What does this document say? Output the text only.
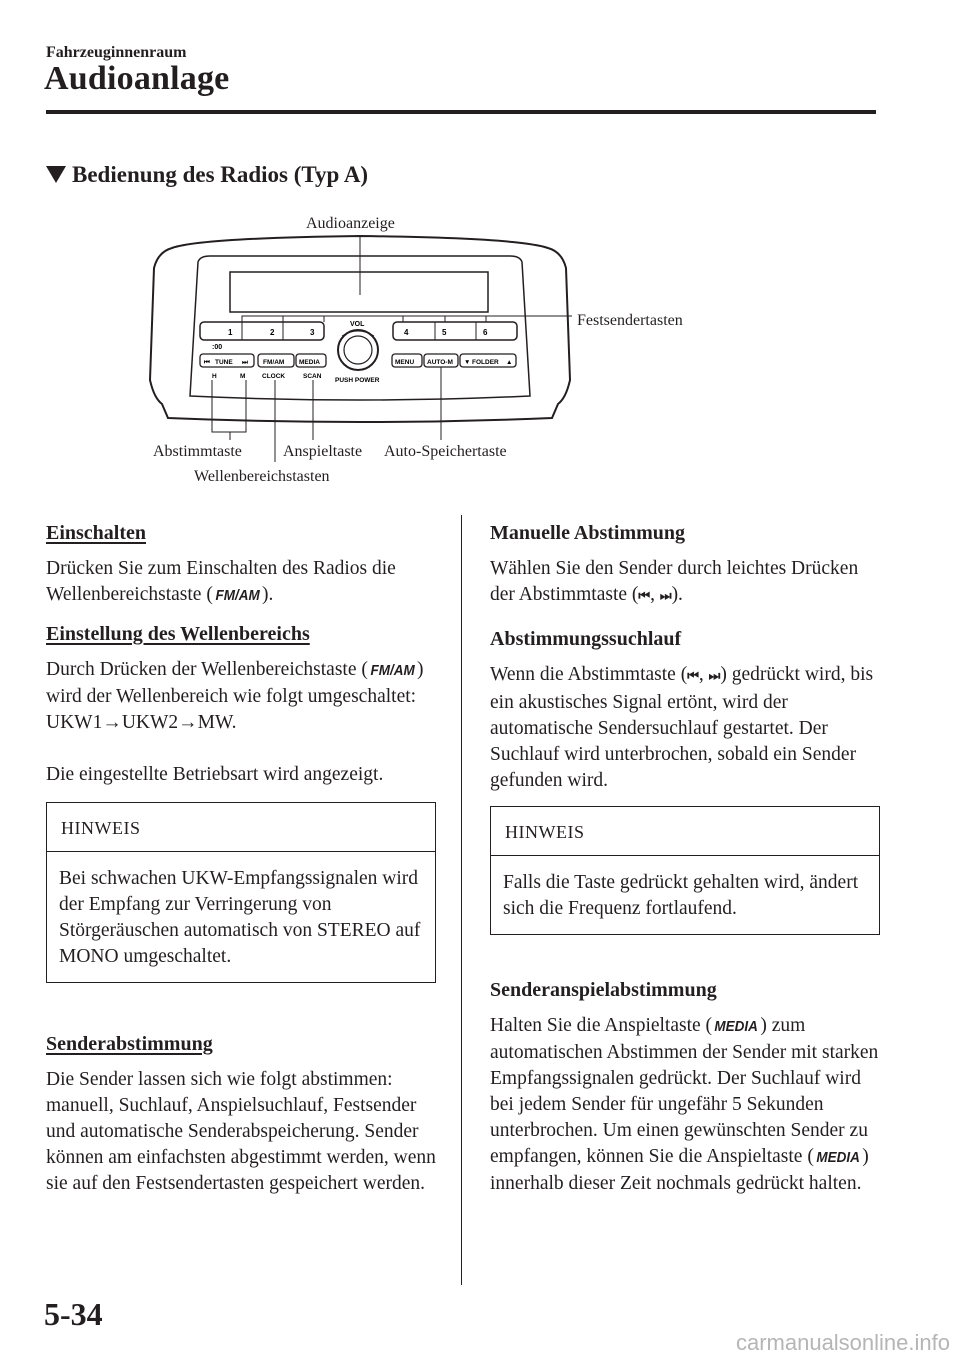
Fahrzeuginnenraum
Audioanlage
Bedienung des Radios (Typ A)
1	2	3	4	5	6
:00
VOL
PUSH POWER
TUNE
⏮	⏭ FM/AM MEDIA
H	M	CLOCK	SCAN
MENU AUTO-M	FOLDER
▼	▲
Audioanzeige
Festsendertasten
Abstimmtaste	Anspieltaste Auto-Speichertaste
Wellenbereichstasten
Einschalten

Drücken Sie zum Einschalten des Radios die Wellenbereichstaste ( FM/AM ).

Einstellung des Wellenbereichs

Durch Drücken der Wellenbereichstaste ( FM/AM ) wird der Wellenbereich wie folgt umgeschaltet: UKW1→UKW2→MW.

Die eingestellte Betriebsart wird angezeigt.

HINWEIS
Bei schwachen UKW-Empfangssignalen wird der Empfang zur Verringerung von Störgeräuschen automatisch von STEREO auf MONO umgeschaltet.
Senderabstimmung

Die Sender lassen sich wie folgt abstimmen: manuell, Suchlauf, Anspielsuchlauf, Festsender und automatische Senderabspeicherung. Sender können am einfachsten abgestimmt werden, wenn sie auf den Festsendertasten gespeichert werden.

Manuelle Abstimmung

Wählen Sie den Sender durch leichtes Drücken der Abstimmtaste (⏮, ⏭).

Abstimmungssuchlauf

Wenn die Abstimmtaste (⏮, ⏭) gedrückt wird, bis ein akustisches Signal ertönt, wird der automatische Sendersuchlauf gestartet. Der Suchlauf wird unterbrochen, sobald ein Sender gefunden wird.

HINWEIS
Falls die Taste gedrückt gehalten wird, ändert sich die Frequenz fortlaufend.
Senderanspielabstimmung

Halten Sie die Anspieltaste ( MEDIA ) zum automatischen Abstimmen der Sender mit starken Empfangssignalen gedrückt. Der Suchlauf wird bei jedem Sender für ungefähr 5 Sekunden unterbrochen. Um einen gewünschten Sender zu empfangen, können Sie die Anspieltaste ( MEDIA ) innerhalb dieser Zeit nochmals gedrückt halten.

5-34
carmanualsonline.info
